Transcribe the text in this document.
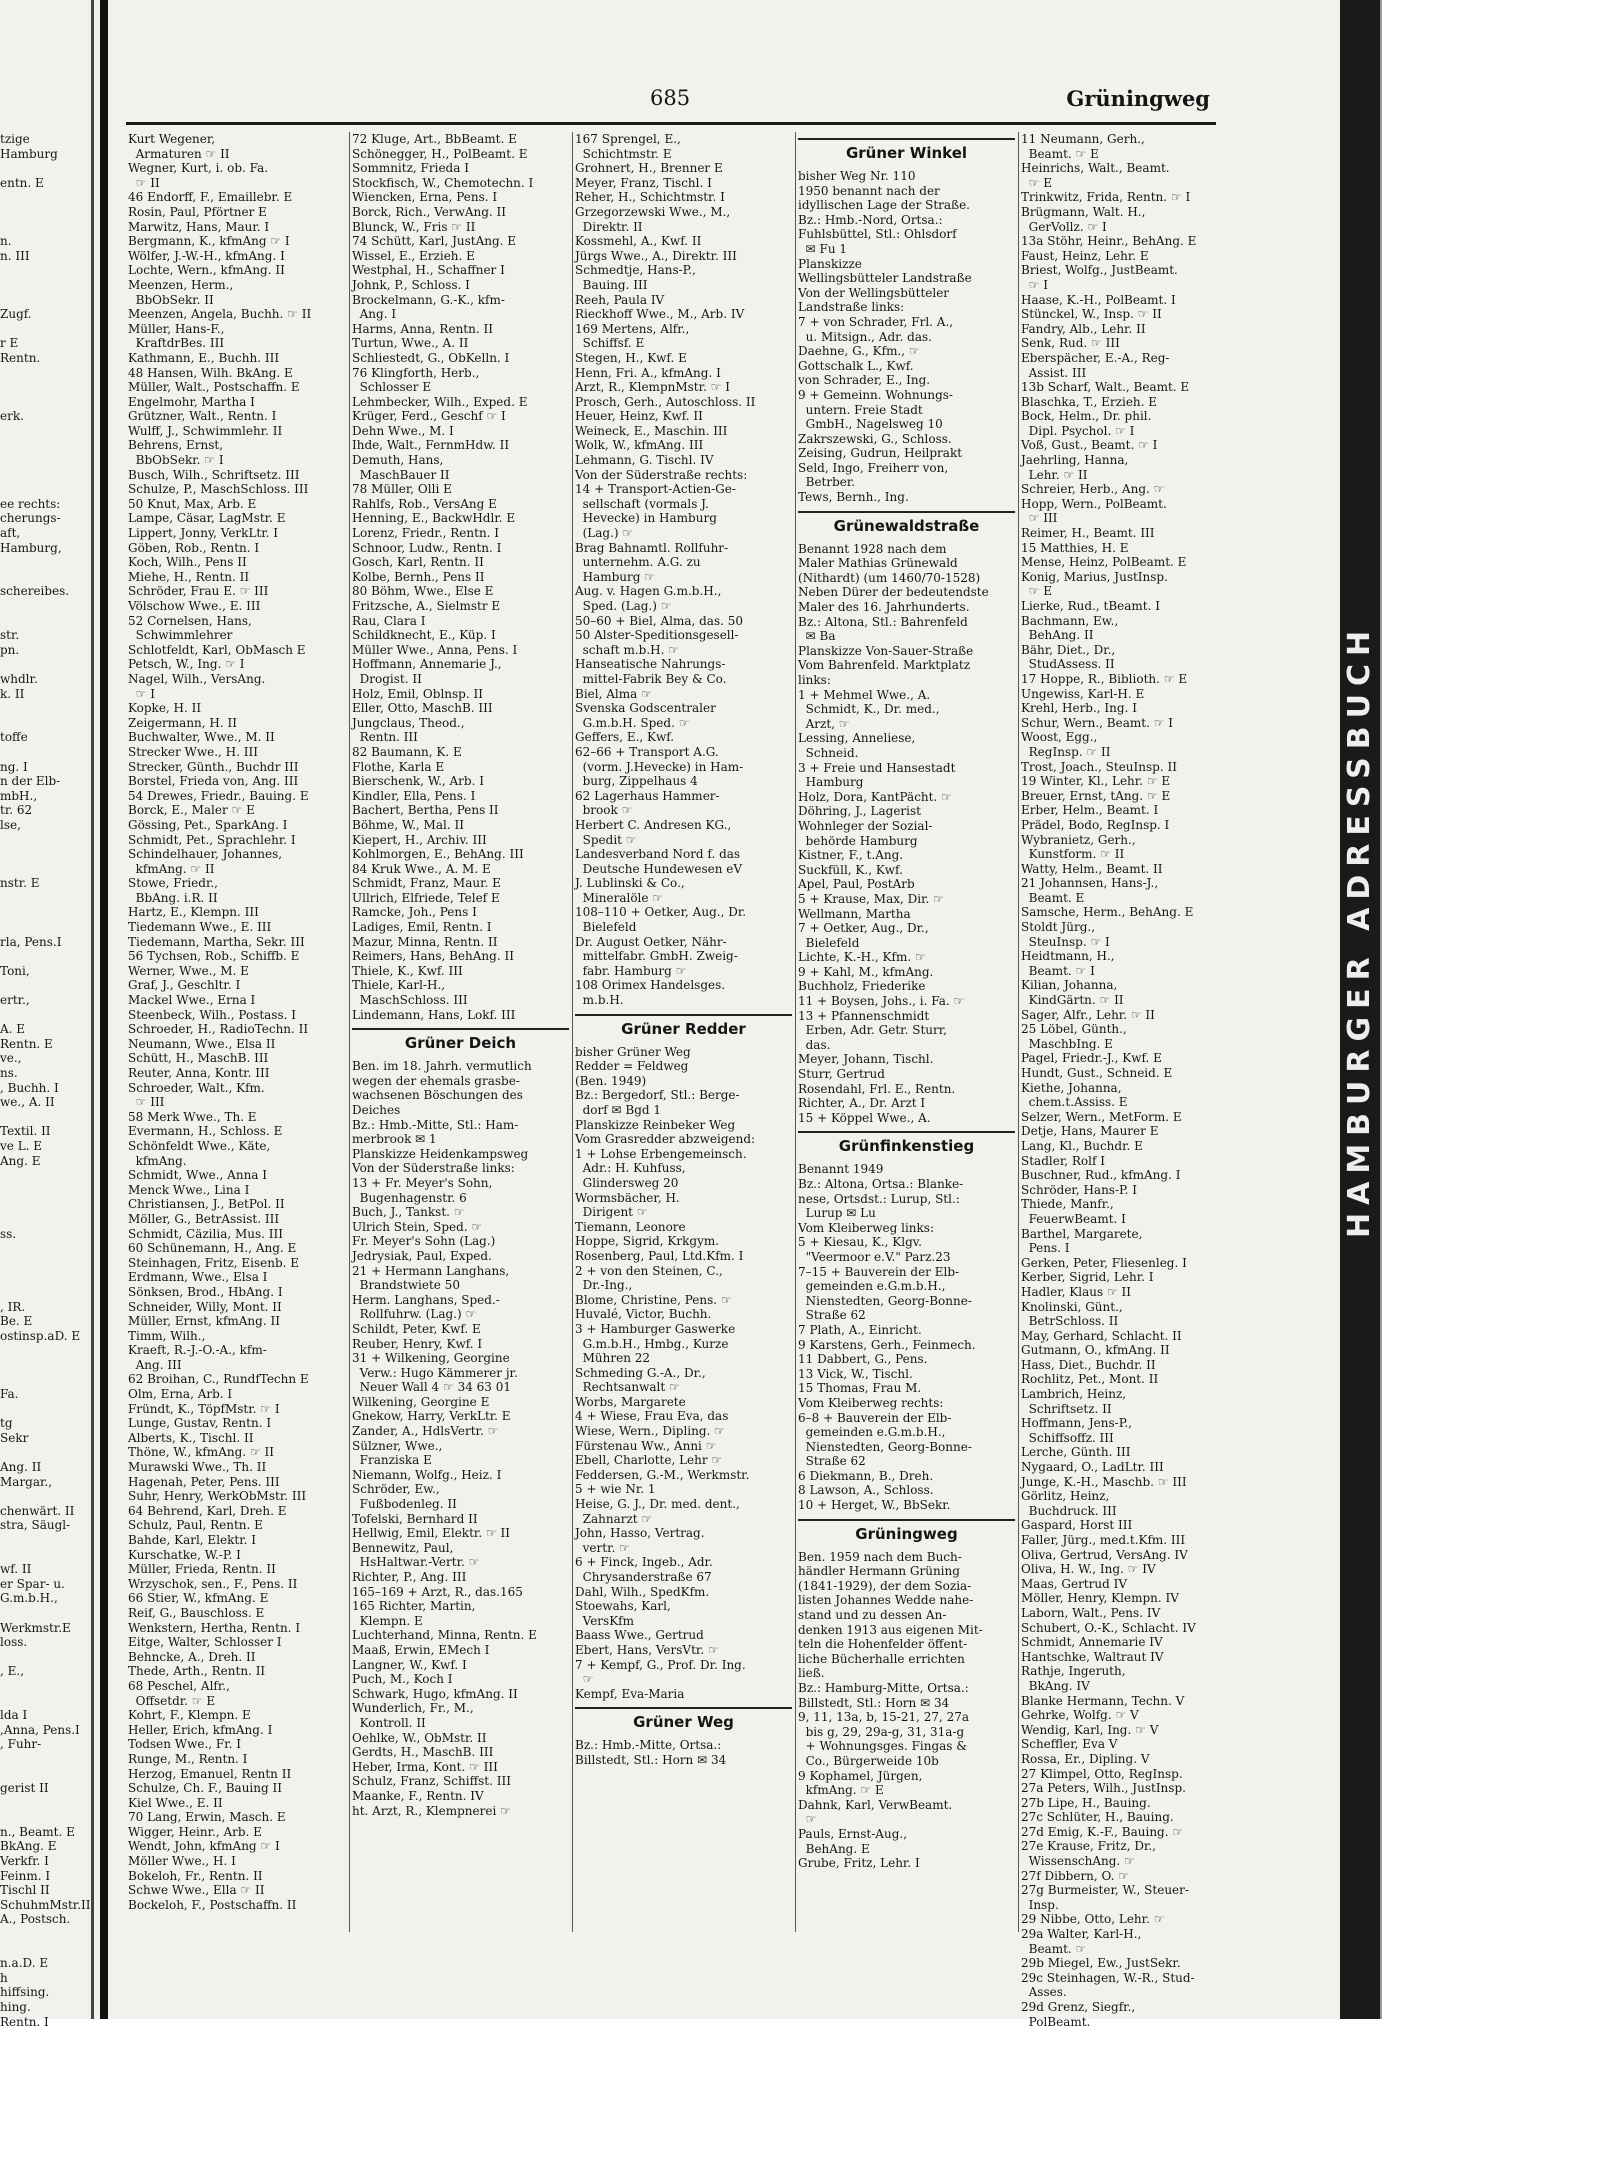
685	Grüningweg
tzige
Hamburg
entn. E
n.
n. III
Zugf.
r E
Rentn.
erk.
ee rechts:
cherungs-
aft,
Hamburg,
schereibes.
str.
pn.
whdlr.
k. II
toffe
ng. I
n der Elb-
mbH.,
tr. 62
lse,
nstr. E
rla, Pens.I
Toni,
ertr.,
A. E
Rentn. E
ve.,
ns.
, Buchh. I
we., A. II
Textil. II
ve L. E
Ang. E
ss.
, IR.
Be. E
ostinsp.aD. E
Fa.
tg
Sekr
Ang. II
Margar.,
chenwärt. II
stra, Säugl-
wf. II
er Spar- u.
G.m.b.H.,
Werkmstr.E
loss.
, E.,
lda I
,Anna, Pens.I
, Fuhr-
gerist II
n., Beamt. E
BkAng. E
Verkfr. I
Feinm. I
Tischl II
SchuhmMstr.II
A., Postsch.
n.a.D. E
h
hiffsing.
hing.
Rentn. I
Kurt Wegener,
Armaturen ☞ II
Wegner, Kurt, i. ob. Fa.
☞ II
46 Endorff, F., Emaillebr. E
Rosin, Paul, Pförtner E
Marwitz, Hans, Maur. I
Bergmann, K., kfmAng ☞ I
Wölfer, J.-W.-H., kfmAng. I
Lochte, Wern., kfmAng. II
Meenzen, Herm.,
BbObSekr. II
Meenzen, Angela, Buchh. ☞ II
Müller, Hans-F.,
KraftdrBes. III
Kathmann, E., Buchh. III
48 Hansen, Wilh. BkAng. E
Müller, Walt., Postschaffn. E
Engelmohr, Martha I
Grützner, Walt., Rentn. I
Wulff, J., Schwimmlehr. II
Behrens, Ernst,
BbObSekr. ☞ I
Busch, Wilh., Schriftsetz. III
Schulze, P., MaschSchloss. III
50 Knut, Max, Arb. E
Lampe, Cäsar, LagMstr. E
Lippert, Jonny, VerkLtr. I
Göben, Rob., Rentn. I
Koch, Wilh., Pens II
Miehe, H., Rentn. II
Schröder, Frau E. ☞ III
Völschow Wwe., E. III
52 Cornelsen, Hans,
Schwimmlehrer
Schlotfeldt, Karl, ObMasch E
Petsch, W., Ing. ☞ I
Nagel, Wilh., VersAng.
☞ I
Kopke, H. II
Zeigermann, H. II
Buchwalter, Wwe., M. II
Strecker Wwe., H. III
Strecker, Günth., Buchdr III
Borstel, Frieda von, Ang. III
54 Drewes, Friedr., Bauing. E
Borck, E., Maler ☞ E
Gössing, Pet., SparkAng. I
Schmidt, Pet., Sprachlehr. I
Schindelhauer, Johannes,
kfmAng. ☞ II
Stowe, Friedr.,
BbAng. i.R. II
Hartz, E., Klempn. III
Tiedemann Wwe., E. III
Tiedemann, Martha, Sekr. III
56 Tychsen, Rob., Schiffb. E
Werner, Wwe., M. E
Graf, J., Geschltr. I
Mackel Wwe., Erna I
Steenbeck, Wilh., Postass. I
Schroeder, H., RadioTechn. II
Neumann, Wwe., Elsa II
Schütt, H., MaschB. III
Reuter, Anna, Kontr. III
Schroeder, Walt., Kfm.
☞ III
58 Merk Wwe., Th. E
Evermann, H., Schloss. E
Schönfeldt Wwe., Käte,
kfmAng.
Schmidt, Wwe., Anna I
Menck Wwe., Lina I
Christiansen, J., BetPol. II
Möller, G., BetrAssist. III
Schmidt, Cäzilia, Mus. III
60 Schünemann, H., Ang. E
Steinhagen, Fritz, Eisenb. E
Erdmann, Wwe., Elsa I
Sönksen, Brod., HbAng. I
Schneider, Willy, Mont. II
Müller, Ernst, kfmAng. II
Timm, Wilh.,
Kraeft, R.-J.-O.-A., kfm-
Ang. III
62 Broihan, C., RundfTechn E
Olm, Erna, Arb. I
Fründt, K., TöpfMstr. ☞ I
Lunge, Gustav, Rentn. I
Alberts, K., Tischl. II
Thöne, W., kfmAng. ☞ II
Murawski Wwe., Th. II
Hagenah, Peter, Pens. III
Suhr, Henry, WerkObMstr. III
64 Behrend, Karl, Dreh. E
Schulz, Paul, Rentn. E
Bahde, Karl, Elektr. I
Kurschatke, W.-P. I
Müller, Frieda, Rentn. II
Wrzyschok, sen., F., Pens. II
66 Stier, W., kfmAng. E
Reif, G., Bauschloss. E
Wenkstern, Hertha, Rentn. I
Eitge, Walter, Schlosser I
Behncke, A., Dreh. II
Thede, Arth., Rentn. II
68 Peschel, Alfr.,
Offsetdr. ☞ E
Kohrt, F., Klempn. E
Heller, Erich, kfmAng. I
Todsen Wwe., Fr. I
Runge, M., Rentn. I
Herzog, Emanuel, Rentn II
Schulze, Ch. F., Bauing II
Kiel Wwe., E. II
70 Lang, Erwin, Masch. E
Wigger, Heinr., Arb. E
Wendt, John, kfmAng ☞ I
Möller Wwe., H. I
Bokeloh, Fr., Rentn. II
Schwe Wwe., Ella ☞ II
Bockeloh, F., Postschaffn. II
72 Kluge, Art., BbBeamt. E
Schönegger, H., PolBeamt. E
Sommnitz, Frieda I
Stockfisch, W., Chemotechn. I
Wiencken, Erna, Pens. I
Borck, Rich., VerwAng. II
Blunck, W., Fris ☞ II
74 Schütt, Karl, JustAng. E
Wissel, E., Erzieh. E
Westphal, H., Schaffner I
Johnk, P., Schloss. I
Brockelmann, G.-K., kfm-
Ang. I
Harms, Anna, Rentn. II
Turtun, Wwe., A. II
Schliestedt, G., ObKelln. I
76 Klingforth, Herb.,
Schlosser E
Lehmbecker, Wilh., Exped. E
Krüger, Ferd., Geschf ☞ I
Dehn Wwe., M. I
Ihde, Walt., FernmHdw. II
Demuth, Hans,
MaschBauer II
78 Müller, Olli E
Rahlfs, Rob., VersAng E
Henning, E., BackwHdlr. E
Lorenz, Friedr., Rentn. I
Schnoor, Ludw., Rentn. I
Gosch, Karl, Rentn. II
Kolbe, Bernh., Pens II
80 Böhm, Wwe., Else E
Fritzsche, A., Sielmstr E
Rau, Clara I
Schildknecht, E., Küp. I
Müller Wwe., Anna, Pens. I
Hoffmann, Annemarie J.,
Drogist. II
Holz, Emil, Oblnsp. II
Eller, Otto, MaschB. III
Jungclaus, Theod.,
Rentn. III
82 Baumann, K. E
Flothe, Karla E
Bierschenk, W., Arb. I
Kindler, Ella, Pens. I
Bachert, Bertha, Pens II
Böhme, W., Mal. II
Kiepert, H., Archiv. III
Kohlmorgen, E., BehAng. III
84 Kruk Wwe., A. M. E
Schmidt, Franz, Maur. E
Ullrich, Elfriede, Telef E
Ramcke, Joh., Pens I
Ladiges, Emil, Rentn. I
Mazur, Minna, Rentn. II
Reimers, Hans, BehAng. II
Thiele, K., Kwf. III
Thiele, Karl-H.,
MaschSchloss. III
Lindemann, Hans, Lokf. III
Grüner Deich
Ben. im 18. Jahrh. vermutlich
wegen der ehemals grasbe-
wachsenen Böschungen des
Deiches
Bz.: Hmb.-Mitte, Stl.: Ham-
merbrook ✉ 1
Planskizze Heidenkampsweg
Von der Süderstraße links:
13 + Fr. Meyer's Sohn,
Bugenhagenstr. 6
Buch, J., Tankst. ☞
Ulrich Stein, Sped. ☞
Fr. Meyer's Sohn (Lag.)
Jedrysiak, Paul, Exped.
21 + Hermann Langhans,
Brandstwiete 50
Herm. Langhans, Sped.-
Rollfuhrw. (Lag.) ☞
Schildt, Peter, Kwf. E
Reuber, Henry, Kwf. I
31 + Wilkening, Georgine
Verw.: Hugo Kämmerer jr.
Neuer Wall 4 ☞ 34 63 01
Wilkening, Georgine E
Gnekow, Harry, VerkLtr. E
Zander, A., HdlsVertr. ☞
Sülzner, Wwe.,
Franziska E
Niemann, Wolfg., Heiz. I
Schröder, Ew.,
Fußbodenleg. II
Tofelski, Bernhard II
Hellwig, Emil, Elektr. ☞ II
Bennewitz, Paul,
HsHaltwar.-Vertr. ☞
Richter, P., Ang. III
165–169 + Arzt, R., das.165
165 Richter, Martin,
Klempn. E
Luchterhand, Minna, Rentn. E
Maaß, Erwin, EMech I
Langner, W., Kwf. I
Puch, M., Koch I
Schwark, Hugo, kfmAng. II
Wunderlich, Fr., M.,
Kontroll. II
Oehlke, W., ObMstr. II
Gerdts, H., MaschB. III
Heber, Irma, Kont. ☞ III
Schulz, Franz, Schiffst. III
Maanke, F., Rentn. IV
ht. Arzt, R., Klempnerei ☞
167 Sprengel, E.,
Schichtmstr. E
Grohnert, H., Brenner E
Meyer, Franz, Tischl. I
Reher, H., Schichtmstr. I
Grzegorzewski Wwe., M.,
Direktr. II
Kossmehl, A., Kwf. II
Jürgs Wwe., A., Direktr. III
Schmedtje, Hans-P.,
Bauing. III
Reeh, Paula IV
Rieckhoff Wwe., M., Arb. IV
169 Mertens, Alfr.,
Schiffsf. E
Stegen, H., Kwf. E
Henn, Fri. A., kfmAng. I
Arzt, R., KlempnMstr. ☞ I
Prosch, Gerh., Autoschloss. II
Heuer, Heinz, Kwf. II
Weineck, E., Maschin. III
Wolk, W., kfmAng. III
Lehmann, G. Tischl. IV
Von der Süderstraße rechts:
14 + Transport-Actien-Ge-
sellschaft (vormals J.
Hevecke) in Hamburg
(Lag.) ☞
Brag Bahnamtl. Rollfuhr-
unternehm. A.G. zu
Hamburg ☞
Aug. v. Hagen G.m.b.H.,
Sped. (Lag.) ☞
50–60 + Biel, Alma, das. 50
50 Alster-Speditionsgesell-
schaft m.b.H. ☞
Hanseatische Nahrungs-
mittel-Fabrik Bey & Co.
Biel, Alma ☞
Svenska Godscentraler
G.m.b.H. Sped. ☞
Geffers, E., Kwf.
62–66 + Transport A.G.
(vorm. J.Hevecke) in Ham-
burg, Zippelhaus 4
62 Lagerhaus Hammer-
brook ☞
Herbert C. Andresen KG.,
Spedit ☞
Landesverband Nord f. das
Deutsche Hundewesen eV
J. Lublinski & Co.,
Mineralöle ☞
108–110 + Oetker, Aug., Dr.
Bielefeld
Dr. August Oetker, Nähr-
mittelfabr. GmbH. Zweig-
fabr. Hamburg ☞
108 Orimex Handelsges.
m.b.H.
Grüner Redder
bisher Grüner Weg
Redder = Feldweg
(Ben. 1949)
Bz.: Bergedorf, Stl.: Berge-
dorf ✉ Bgd 1
Planskizze Reinbeker Weg
Vom Grasredder abzweigend:
1 + Lohse Erbengemeinsch.
Adr.: H. Kuhfuss,
Glindersweg 20
Wormsbächer, H.
Dirigent ☞
Tiemann, Leonore
Hoppe, Sigrid, Krkgym.
Rosenberg, Paul, Ltd.Kfm. I
2 + von den Steinen, C.,
Dr.-Ing.,
Blome, Christine, Pens. ☞
Huvalé, Victor, Buchh.
3 + Hamburger Gaswerke
G.m.b.H., Hmbg., Kurze
Mühren 22
Schmeding G.-A., Dr.,
Rechtsanwalt ☞
Worbs, Margarete
4 + Wiese, Frau Eva, das
Wiese, Wern., Dipling. ☞
Fürstenau Ww., Anni ☞
Ebell, Charlotte, Lehr ☞
Feddersen, G.-M., Werkmstr.
5 + wie Nr. 1
Heise, G. J., Dr. med. dent.,
Zahnarzt ☞
John, Hasso, Vertrag.
vertr. ☞
6 + Finck, Ingeb., Adr.
Chrysanderstraße 67
Dahl, Wilh., SpedKfm.
Stoewahs, Karl,
VersKfm
Baass Wwe., Gertrud
Ebert, Hans, VersVtr. ☞
7 + Kempf, G., Prof. Dr. Ing.
☞
Kempf, Eva-Maria
Grüner Weg
Bz.: Hmb.-Mitte, Ortsa.:
Billstedt, Stl.: Horn ✉ 34
Grüner Winkel
bisher Weg Nr. 110
1950 benannt nach der
idyllischen Lage der Straße.
Bz.: Hmb.-Nord, Ortsa.:
Fuhlsbüttel, Stl.: Ohlsdorf
✉ Fu 1
Planskizze
Wellingsbütteler Landstraße
Von der Wellingsbütteler
Landstraße links:
7 + von Schrader, Frl. A.,
u. Mitsign., Adr. das.
Daehne, G., Kfm., ☞
Gottschalk L., Kwf.
von Schrader, E., Ing.
9 + Gemeinn. Wohnungs-
untern. Freie Stadt
GmbH., Nagelsweg 10
Zakrszewski, G., Schloss.
Zeising, Gudrun, Heilprakt
Seld, Ingo, Freiherr von,
Betrber.
Tews, Bernh., Ing.
Grünewaldstraße
Benannt 1928 nach dem
Maler Mathias Grünewald
(Nithardt) (um 1460/70-1528)
Neben Dürer der bedeutendste
Maler des 16. Jahrhunderts.
Bz.: Altona, Stl.: Bahrenfeld
✉ Ba
Planskizze Von-Sauer-Straße
Vom Bahrenfeld. Marktplatz
links:
1 + Mehmel Wwe., A.
Schmidt, K., Dr. med.,
Arzt, ☞
Lessing, Anneliese,
Schneid.
3 + Freie und Hansestadt
Hamburg
Holz, Dora, KantPächt. ☞
Döhring, J., Lagerist
Wohnleger der Sozial-
behörde Hamburg
Kistner, F., t.Ang.
Suckfüll, K., Kwf.
Apel, Paul, PostArb
5 + Krause, Max, Dir. ☞
Wellmann, Martha
7 + Oetker, Aug., Dr.,
Bielefeld
Lichte, K.-H., Kfm. ☞
9 + Kahl, M., kfmAng.
Buchholz, Friederike
11 + Boysen, Johs., i. Fa. ☞
13 + Pfannenschmidt
Erben, Adr. Getr. Sturr,
das.
Meyer, Johann, Tischl.
Sturr, Gertrud
Rosendahl, Frl. E., Rentn.
Richter, A., Dr. Arzt I
15 + Köppel Wwe., A.
Grünfinkenstieg
Benannt 1949
Bz.: Altona, Ortsa.: Blanke-
nese, Ortsdst.: Lurup, Stl.:
Lurup ✉ Lu
Vom Kleiberweg links:
5 + Kiesau, K., Klgv.
"Veermoor e.V." Parz.23
7–15 + Bauverein der Elb-
gemeinden e.G.m.b.H.,
Nienstedten, Georg-Bonne-
Straße 62
7 Plath, A., Einricht.
9 Karstens, Gerh., Feinmech.
11 Dabbert, G., Pens.
13 Vick, W., Tischl.
15 Thomas, Frau M.
Vom Kleiberweg rechts:
6–8 + Bauverein der Elb-
gemeinden e.G.m.b.H.,
Nienstedten, Georg-Bonne-
Straße 62
6 Diekmann, B., Dreh.
8 Lawson, A., Schloss.
10 + Herget, W., BbSekr.
Grüningweg
Ben. 1959 nach dem Buch-
händler Hermann Grüning
(1841-1929), der dem Sozia-
listen Johannes Wedde nahe-
stand und zu dessen An-
denken 1913 aus eigenen Mit-
teln die Hohenfelder öffent-
liche Bücherhalle errichten
ließ.
Bz.: Hamburg-Mitte, Ortsa.:
Billstedt, Stl.: Horn ✉ 34
9, 11, 13a, b, 15-21, 27, 27a
bis g, 29, 29a-g, 31, 31a-g
+ Wohnungsges. Fingas &
Co., Bürgerweide 10b
9 Kophamel, Jürgen,
kfmAng. ☞ E
Dahnk, Karl, VerwBeamt.
☞
Pauls, Ernst-Aug.,
BehAng. E
Grube, Fritz, Lehr. I
11 Neumann, Gerh.,
Beamt. ☞ E
Heinrichs, Walt., Beamt.
☞ E
Trinkwitz, Frida, Rentn. ☞ I
Brügmann, Walt. H.,
GerVollz. ☞ I
13a Stöhr, Heinr., BehAng. E
Faust, Heinz, Lehr. E
Briest, Wolfg., JustBeamt.
☞ I
Haase, K.-H., PolBeamt. I
Stünckel, W., Insp. ☞ II
Fandry, Alb., Lehr. II
Senk, Rud. ☞ III
Eberspächer, E.-A., Reg-
Assist. III
13b Scharf, Walt., Beamt. E
Blaschka, T., Erzieh. E
Bock, Helm., Dr. phil.
Dipl. Psychol. ☞ I
Voß, Gust., Beamt. ☞ I
Jaehrling, Hanna,
Lehr. ☞ II
Schreier, Herb., Ang. ☞
Hopp, Wern., PolBeamt.
☞ III
Reimer, H., Beamt. III
15 Matthies, H. E
Mense, Heinz, PolBeamt. E
Konig, Marius, JustInsp.
☞ E
Lierke, Rud., tBeamt. I
Bachmann, Ew.,
BehAng. II
Bähr, Diet., Dr.,
StudAssess. II
17 Hoppe, R., Biblioth. ☞ E
Ungewiss, Karl-H. E
Krehl, Herb., Ing. I
Schur, Wern., Beamt. ☞ I
Woost, Egg.,
RegInsp. ☞ II
Trost, Joach., SteuInsp. II
19 Winter, Kl., Lehr. ☞ E
Breuer, Ernst, tAng. ☞ E
Erber, Helm., Beamt. I
Prädel, Bodo, RegInsp. I
Wybranietz, Gerh.,
Kunstform. ☞ II
Watty, Helm., Beamt. II
21 Johannsen, Hans-J.,
Beamt. E
Samsche, Herm., BehAng. E
Stoldt Jürg.,
SteuInsp. ☞ I
Heidtmann, H.,
Beamt. ☞ I
Kilian, Johanna,
KindGärtn. ☞ II
Sager, Alfr., Lehr. ☞ II
25 Löbel, Günth.,
MaschbIng. E
Pagel, Friedr.-J., Kwf. E
Hundt, Gust., Schneid. E
Kiethe, Johanna,
chem.t.Assiss. E
Selzer, Wern., MetForm. E
Detje, Hans, Maurer E
Lang, Kl., Buchdr. E
Stadler, Rolf I
Buschner, Rud., kfmAng. I
Schröder, Hans-P. I
Thiede, Manfr.,
FeuerwBeamt. I
Barthel, Margarete,
Pens. I
Gerken, Peter, Fliesenleg. I
Kerber, Sigrid, Lehr. I
Hadler, Klaus ☞ II
Knolinski, Günt.,
BetrSchloss. II
May, Gerhard, Schlacht. II
Gutmann, O., kfmAng. II
Hass, Diet., Buchdr. II
Rochlitz, Pet., Mont. II
Lambrich, Heinz,
Schriftsetz. II
Hoffmann, Jens-P.,
Schiffsoffz. III
Lerche, Günth. III
Nygaard, O., LadLtr. III
Junge, K.-H., Maschb. ☞ III
Görlitz, Heinz,
Buchdruck. III
Gaspard, Horst III
Faller, Jürg., med.t.Kfm. III
Oliva, Gertrud, VersAng. IV
Oliva, H. W., Ing. ☞ IV
Maas, Gertrud IV
Möller, Henry, Klempn. IV
Laborn, Walt., Pens. IV
Schubert, O.-K., Schlacht. IV
Schmidt, Annemarie IV
Hantschke, Waltraut IV
Rathje, Ingeruth,
BkAng. IV
Blanke Hermann, Techn. V
Gehrke, Wolfg. ☞ V
Wendig, Karl, Ing. ☞ V
Scheffler, Eva V
Rossa, Er., Dipling. V
27 Klimpel, Otto, RegInsp.
27a Peters, Wilh., JustInsp.
27b Lipe, H., Bauing.
27c Schlüter, H., Bauing.
27d Emig, K.-F., Bauing. ☞
27e Krause, Fritz, Dr.,
WissenschAng. ☞
27f Dibbern, O. ☞
27g Burmeister, W., Steuer-
Insp.
29 Nibbe, Otto, Lehr. ☞
29a Walter, Karl-H.,
Beamt. ☞
29b Miegel, Ew., JustSekr.
29c Steinhagen, W.-R., Stud-
Asses.
29d Grenz, Siegfr.,
PolBeamt.
HAMBURGER ADRESSBUCH
